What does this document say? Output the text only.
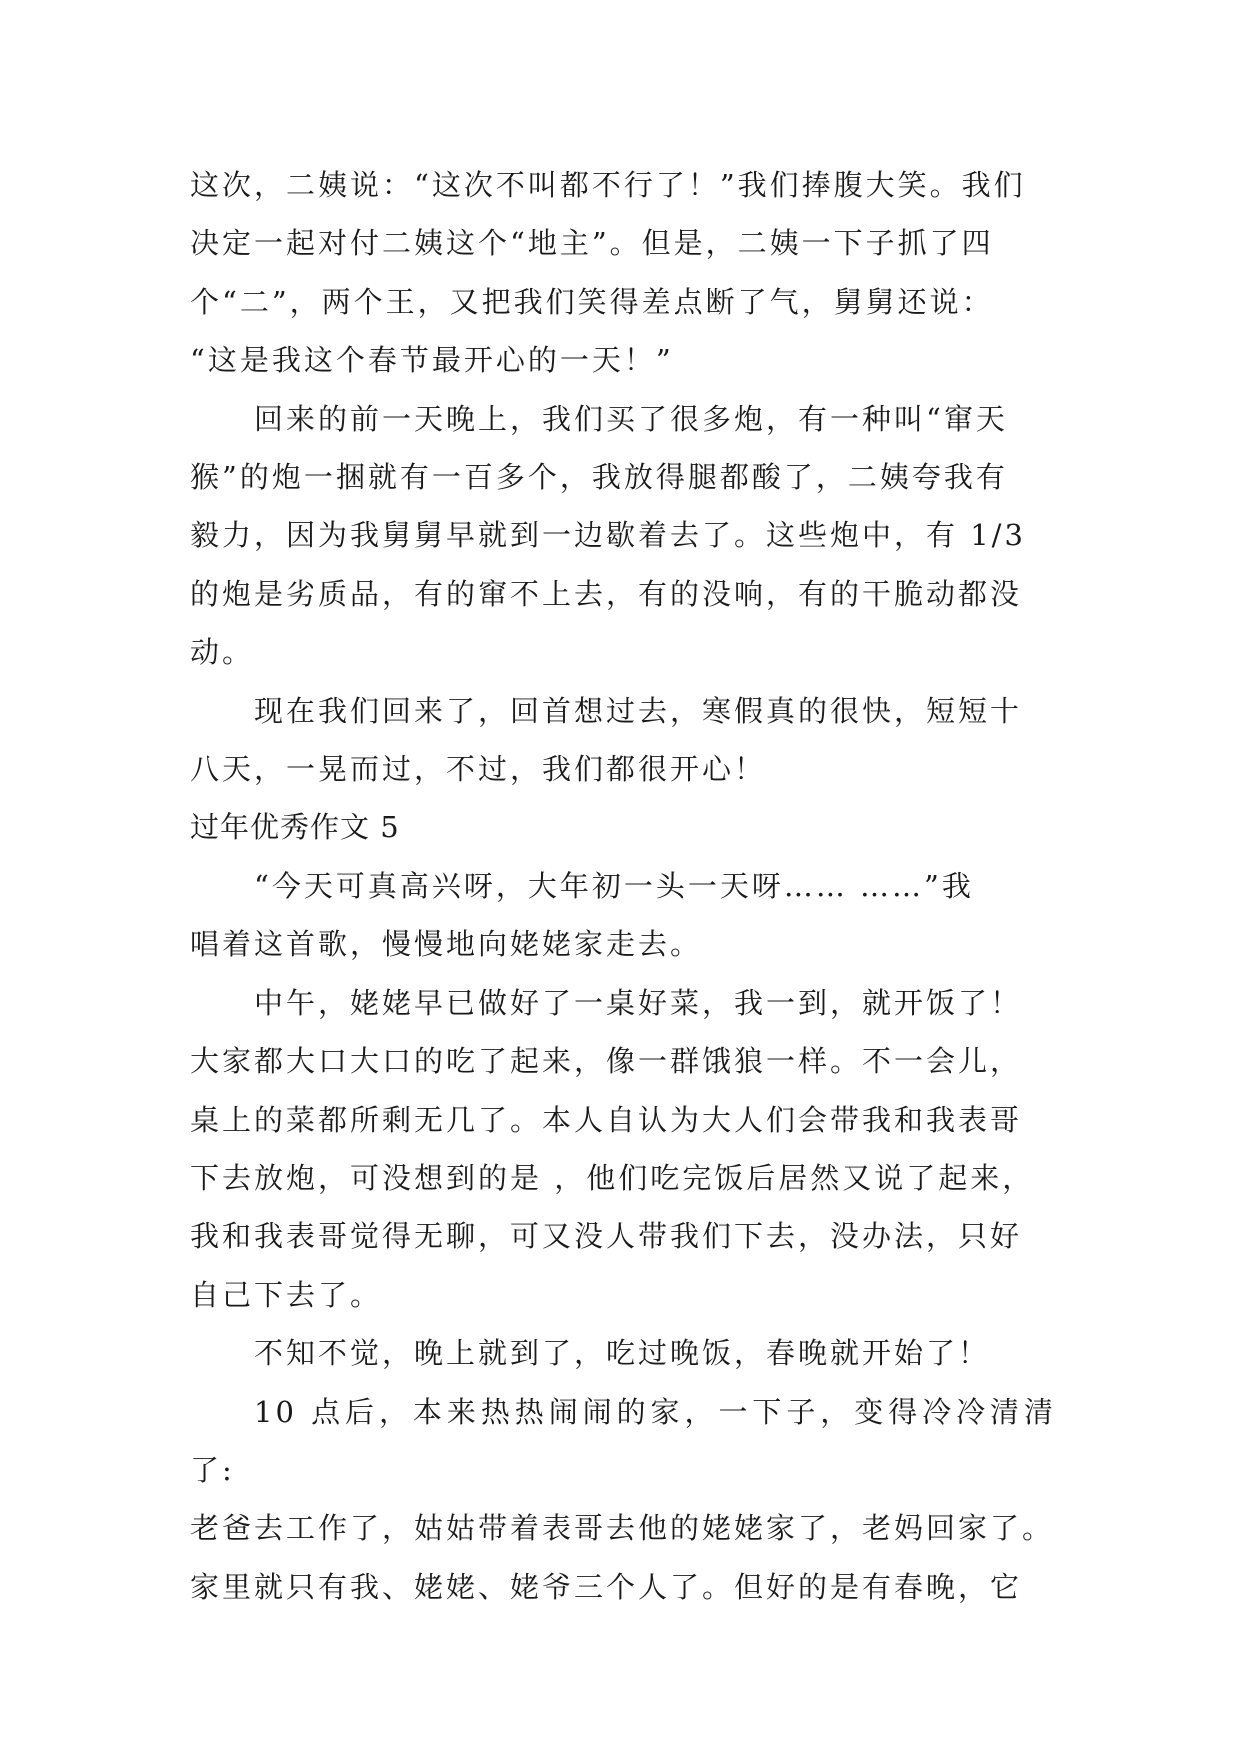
这次，二姨说：“这次不叫都不行了！”我们捧腹大笑。我们
决定一起对付二姨这个“地主”。但是，二姨一下子抓了四
个“二”，两个王，又把我们笑得差点断了气，舅舅还说：
“这是我这个春节最开心的一天！”

回来的前一天晚上，我们买了很多炮，有一种叫“窜天
猴”的炮一捆就有一百多个，我放得腿都酸了，二姨夸我有
毅力，因为我舅舅早就到一边歇着去了。这些炮中，有 1/3
的炮是劣质品，有的窜不上去，有的没响，有的干脆动都没
动。

现在我们回来了，回首想过去，寒假真的很快，短短十
八天，一晃而过，不过，我们都很开心！

过年优秀作文 5

“今天可真高兴呀，大年初一头一天呀…… ……”我
唱着这首歌，慢慢地向姥姥家走去。

中午，姥姥早已做好了一桌好菜，我一到，就开饭了！
大家都大口大口的吃了起来，像一群饿狼一样。不一会儿，
桌上的菜都所剩无几了。本人自认为大人们会带我和我表哥
下去放炮，可没想到的是 ，他们吃完饭后居然又说了起来，
我和我表哥觉得无聊，可又没人带我们下去，没办法，只好
自己下去了。

不知不觉，晚上就到了，吃过晚饭，春晚就开始了！

10 点后，本来热热闹闹的家，一下子，变得冷冷清清了:
老爸去工作了，姑姑带着表哥去他的姥姥家了，老妈回家了。
家里就只有我、姥姥、姥爷三个人了。但好的是有春晚，它
